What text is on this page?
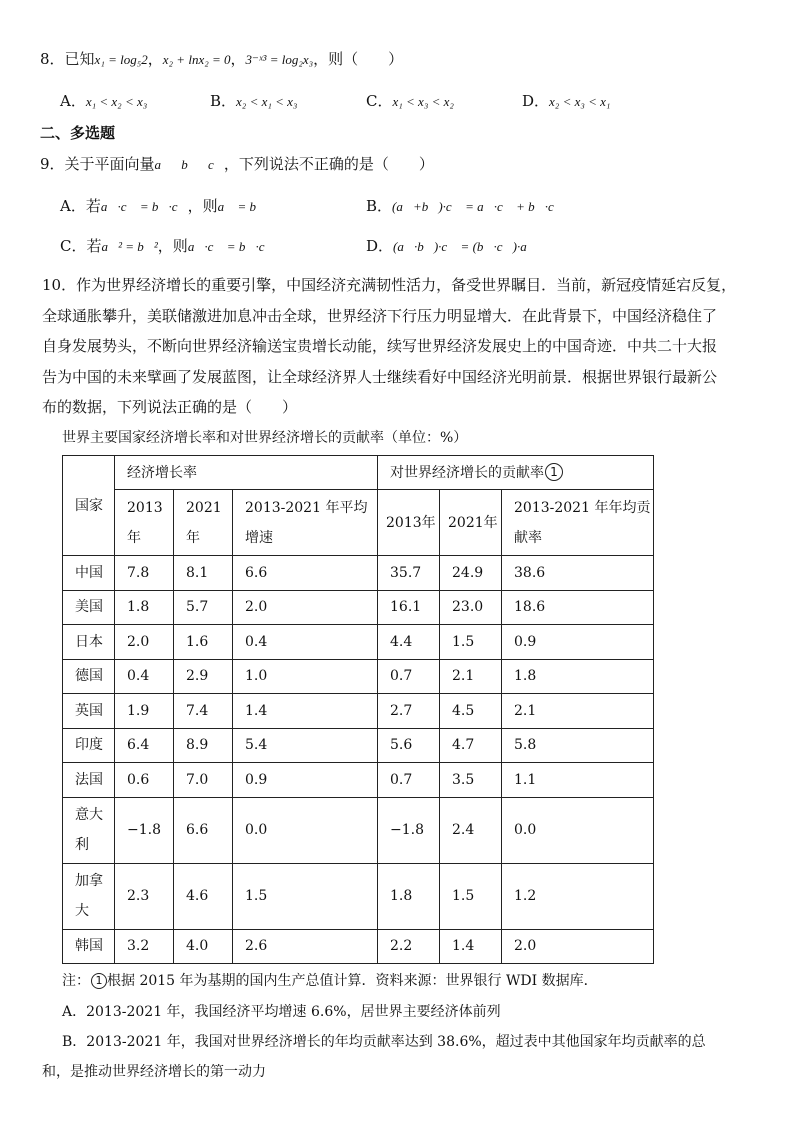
8．已知x₁ = log₅2，x₂ + lnx₂ = 0，3⁻ˣ³ = log₂x₃，则（　　）
A．x₁ < x₂ < x₃	B．x₂ < x₁ < x₃	C．x₁ < x₃ < x₂	D．x₂ < x₃ < x₁
二、多选题
9．关于平面向量a⃗，b⃗，c⃗，下列说法不正确的是（　　）
A．若a⃗·c⃗ = b⃗·c⃗，则a⃗ = b⃗	B．(a⃗+b⃗)·c⃗ = a⃗·c⃗ + b⃗·c⃗
C．若a⃗² = b⃗²，则a⃗·c⃗ = b⃗·c⃗	D．(a⃗·b⃗)·c⃗ = (b⃗·c⃗)·a⃗
10．作为世界经济增长的重要引擎，中国经济充满韧性活力，备受世界瞩目．当前，新冠疫情延宕反复，
全球通胀攀升，美联储激进加息冲击全球，世界经济下行压力明显增大．在此背景下，中国经济稳住了
自身发展势头，不断向世界经济输送宝贵增长动能，续写世界经济发展史上的中国奇迹．中共二十大报
告为中国的未来擘画了发展蓝图，让全球经济界人士继续看好中国经济光明前景．根据世界银行最新公
布的数据，下列说法正确的是（　　）
世界主要国家经济增长率和对世界经济增长的贡献率（单位：%）
国家	经济增长率			对世界经济增长的贡献率 1		
	2013
年	2021
年	2013-2021 年平均
增速	2013年	2021年	2013-2021 年年均贡
献率
中国	7.8	8.1	6.6	35.7	24.9	38.6
美国	1.8	5.7	2.0	16.1	23.0	18.6
日本	2.0	1.6	0.4	4.4	1.5	0.9
德国	0.4	2.9	1.0	0.7	2.1	1.8
英国	1.9	7.4	1.4	2.7	4.5	2.1
印度	6.4	8.9	5.4	5.6	4.7	5.8
法国	0.6	7.0	0.9	0.7	3.5	1.1
意大
利	−1.8	6.6	0.0	−1.8	2.4	0.0
加拿
大	2.3	4.6	1.5	1.8	1.5	1.2
韩国	3.2	4.0	2.6	2.2	1.4	2.0
注： 1 根据 2015 年为基期的国内生产总值计算．资料来源：世界银行 WDI 数据库．
A．2013-2021 年，我国经济平均增速 6.6%，居世界主要经济体前列
B．2013-2021 年，我国对世界经济增长的年均贡献率达到 38.6%，超过表中其他国家年均贡献率的总
和，是推动世界经济增长的第一动力
